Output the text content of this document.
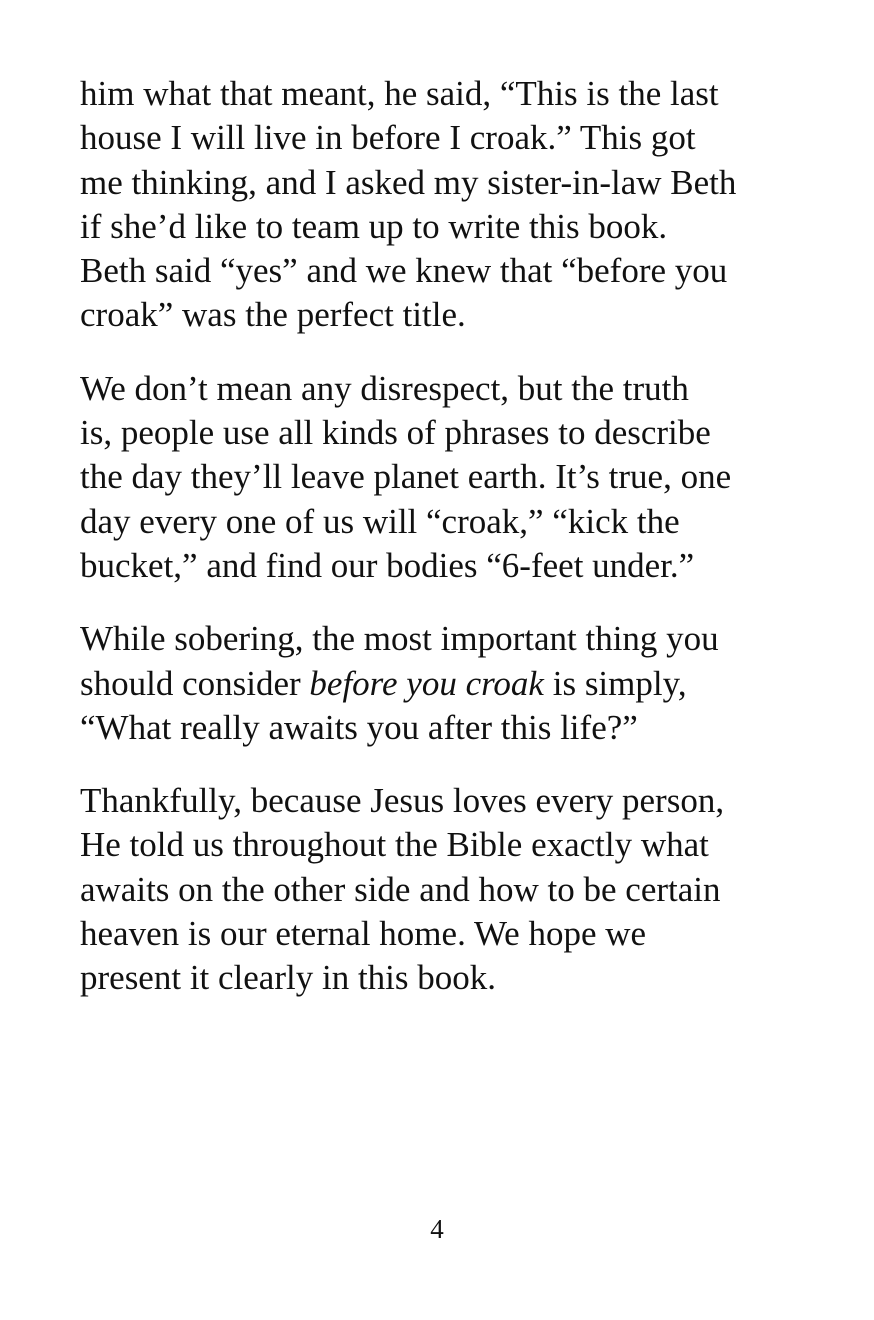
him what that meant, he said, “This is the last
house I will live in before I croak.” This got
me thinking, and I asked my sister-in-law Beth
if she’d like to team up to write this book.
Beth said “yes” and we knew that “before you
croak” was the perfect title.

We don’t mean any disrespect, but the truth
is, people use all kinds of phrases to describe
the day they’ll leave planet earth. It’s true, one
day every one of us will “croak,” “kick the
bucket,” and find our bodies “6-feet under.”

While sobering, the most important thing you
should consider before you croak is simply,
“What really awaits you after this life?”

Thankfully, because Jesus loves every person,
He told us throughout the Bible exactly what
awaits on the other side and how to be certain
heaven is our eternal home. We hope we
present it clearly in this book.

4
